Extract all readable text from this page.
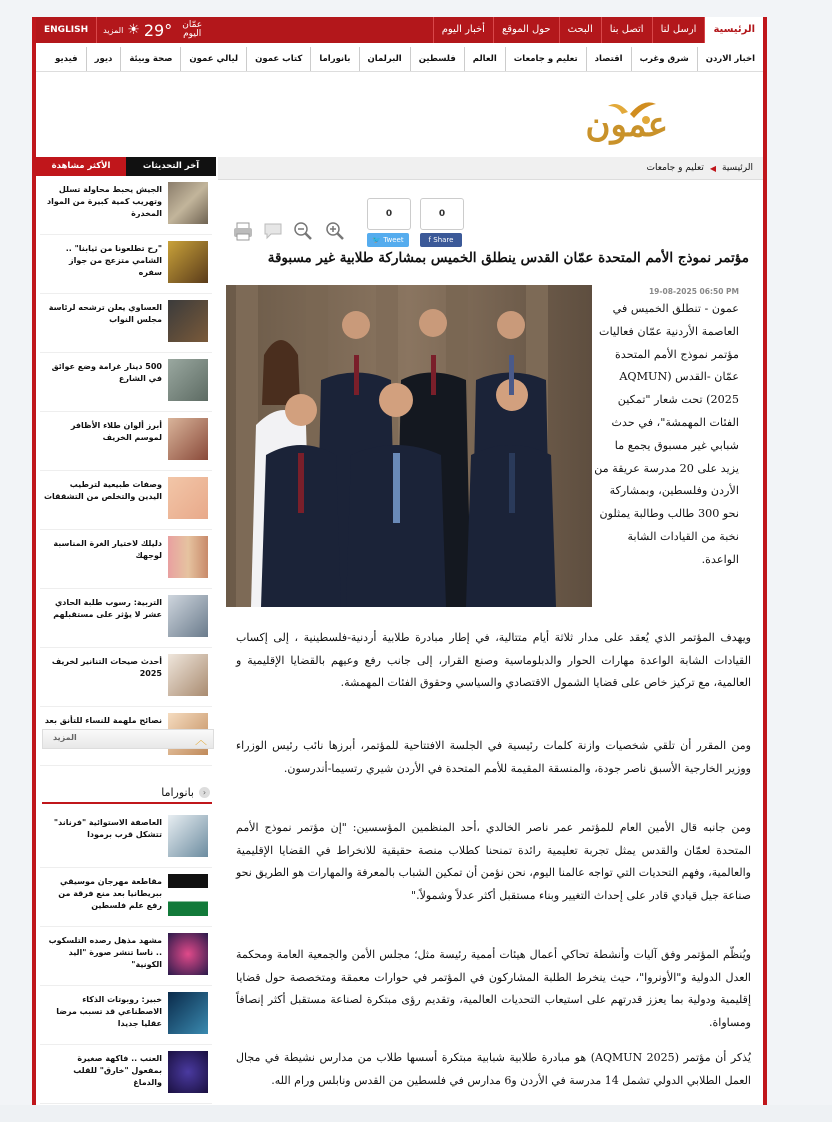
الرئيسية
ارسل لنا
اتصل بنا
البحث
حول الموقع
أخبار اليوم
ENGLISH	المزيد ☀ 29°	عمّان
اليوم
اخبار الاردن
شرق وغرب
اقتصاد
تعليم و جامعات
العالم
فلسطين
البرلمان
بانوراما
كتاب عمون
ليالي عمون
صحة وبيئة
ديور
فيديو
عمون
الرئيسية
◀
تعليم و جامعات
الأكثر مشاهدة	آخر التحديثات
الجيش يحبط محاولة تسلل وتهريب كمية كبيرة من المواد المخدرة
"رح تطلعونا من ثيابنا" .. الشامي متزعج من جواز سفره
العساوي يعلن ترشحه لرئاسة مجلس النواب
500 دينار غرامة وضع عوائق في الشارع
أبرز ألوان طلاء الأظافر لموسم الخريف
وصفات طبيعية لترطيب اليدين والتخلص من التشققات
دليلك لاختيار الغرة المناسبة لوجهك
التربية: رسوب طلبة الحادي عشر لا يؤثر على مستقبلهم
أحدث صيحات التنانير لخريف 2025
نصائح ملهمة للنساء للتأنق بعد
︿
المزيد
‹
بانوراما
العاصفة الاستوائية "فرناند" تتشكل قرب برمودا
مقاطعة مهرجان موسيقي ببريطانيا بعد منع فرقة من رفع علم فلسطين
مشهد مذهل رصده التلسكوب .. ناسا تنشر صورة "اليد الكونية"
خبير: روبوتات الذكاء الاصطناعي قد تسبب مرضا عقليا جديدا
العنب .. فاكهة صغيرة بمفعول "خارق" للقلب والدماغ
0	0
🐦 Tweet	f Share
مؤتمر نموذج الأمم المتحدة عمّان القدس ينطلق الخميس بمشاركة طلابية غير مسبوقة
19-08-2025 06:50 PM
عمون - تنطلق الخميس في العاصمة الأردنية عمّان فعاليات مؤتمر نموذج الأمم المتحدة عمّان -القدس (AQMUN 2025) تحت شعار "تمكين الفئات المهمشة"، في حدث شبابي غير مسبوق يجمع ما يزيد على 20 مدرسة عريقة من الأردن وفلسطين، وبمشاركة نحو 300 طالب وطالبة يمثلون نخبة من القيادات الشابة الواعدة.
ويهدف المؤتمر الذي يُعقد على مدار ثلاثة أيام متتالية، في إطار مبادرة طلابية أردنية-فلسطينية ، إلى إكساب القيادات الشابة الواعدة مهارات الحوار والدبلوماسية وصنع القرار، إلى جانب رفع وعيهم بالقضايا الإقليمية و العالمية، مع تركيز خاص على قضايا الشمول الاقتصادي والسياسي وحقوق الفئات المهمشة.
ومن المقرر أن تلقي شخصيات وازنة كلمات رئيسية في الجلسة الافتتاحية للمؤتمر، أبرزها نائب رئيس الوزراء ووزير الخارجية الأسبق ناصر جودة، والمنسقة المقيمة للأمم المتحدة في الأردن شيري رتسيما-أندرسون.
ومن جانبه قال الأمين العام للمؤتمر عمر ناصر الخالدي ،أحد المنظمين المؤسسين: "إن مؤتمر نموذج الأمم المتحدة لعمّان والقدس يمثل تجربة تعليمية رائدة تمنحنا كطلاب منصة حقيقية للانخراط في القضايا الإقليمية والعالمية، وفهم التحديات التي تواجه عالمنا اليوم، نحن نؤمن أن تمكين الشباب بالمعرفة والمهارات هو الطريق نحو صناعة جيل قيادي قادر على إحداث التغيير وبناء مستقبل أكثر عدلاً وشمولاً."
ويُنظّم المؤتمر وفق آليات وأنشطة تحاكي أعمال هيئات أممية رئيسة مثل؛ مجلس الأمن والجمعية العامة ومحكمة العدل الدولية و"الأونروا"، حيث ينخرط الطلبة المشاركون في المؤتمر في حوارات معمقة ومتخصصة حول قضايا إقليمية ودولية بما يعزز قدرتهم على استيعاب التحديات العالمية، وتقديم رؤى مبتكرة لصناعة مستقبل أكثر إنصافاً ومساواة.
يُذكر أن مؤتمر (AQMUN 2025) هو مبادرة طلابية شبابية مبتكرة أسسها طلاب من مدارس نشيطة في مجال العمل الطلابي الدولي تشمل 14 مدرسة في الأردن و6 مدارس في فلسطين من القدس ونابلس ورام الله.
